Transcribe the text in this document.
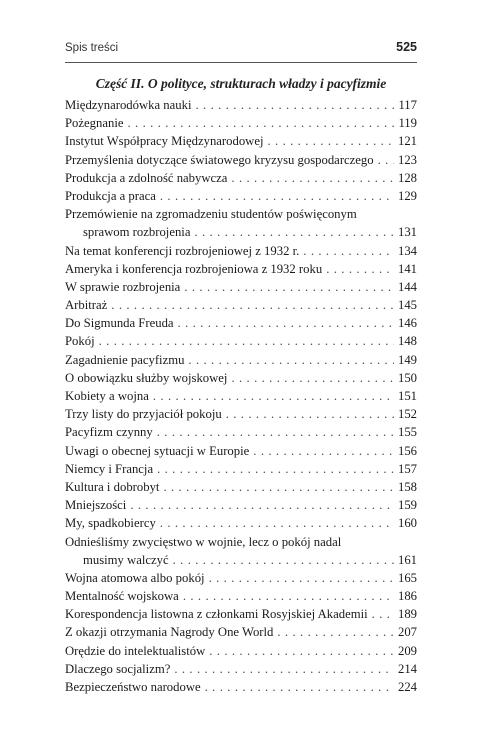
Spis treści	525
Część II. O polityce, strukturach władzy i pacyfizmie
Międzynarodówka nauki . . .	117
Pożegnanie . . .	119
Instytut Współpracy Międzynarodowej . . .	121
Przemyślenia dotyczące światowego kryzysu gospodarczego . . . 123
Produkcja a zdolność nabywcza . . .	128
Produkcja a praca . . .	129
Przemówienie na zgromadzeniu studentów poświęconym
sprawom rozbrojenia . . .	131
Na temat konferencji rozbrojeniowej z 1932 r. . . .	134
Ameryka i konferencja rozbrojeniowa z 1932 roku . . .	141
W sprawie rozbrojenia . . .	144
Arbitraż . . .	145
Do Sigmunda Freuda . . .	146
Pokój . . .	148
Zagadnienie pacyfizmu . . .	149
O obowiązku służby wojskowej . . .	150
Kobiety a wojna . . .	151
Trzy listy do przyjaciół pokoju . . .	152
Pacyfizm czynny . . .	155
Uwagi o obecnej sytuacji w Europie . . .	156
Niemcy i Francja . . .	157
Kultura i dobrobyt . . .	158
Mniejszości . . .	159
My, spadkobiercy . . .	160
Odnieśliśmy zwycięstwo w wojnie, lecz o pokój nadal
musimy walczyć . . .	161
Wojna atomowa albo pokój . . .	165
Mentalność wojskowa . . .	186
Korespondencja listowna z członkami Rosyjskiej Akademii . . . 189
Z okazji otrzymania Nagrody One World . . .	207
Orędzie do intelektualistów . . .	209
Dlaczego socjalizm? . . .	214
Bezpieczeństwo narodowe . . .	224
